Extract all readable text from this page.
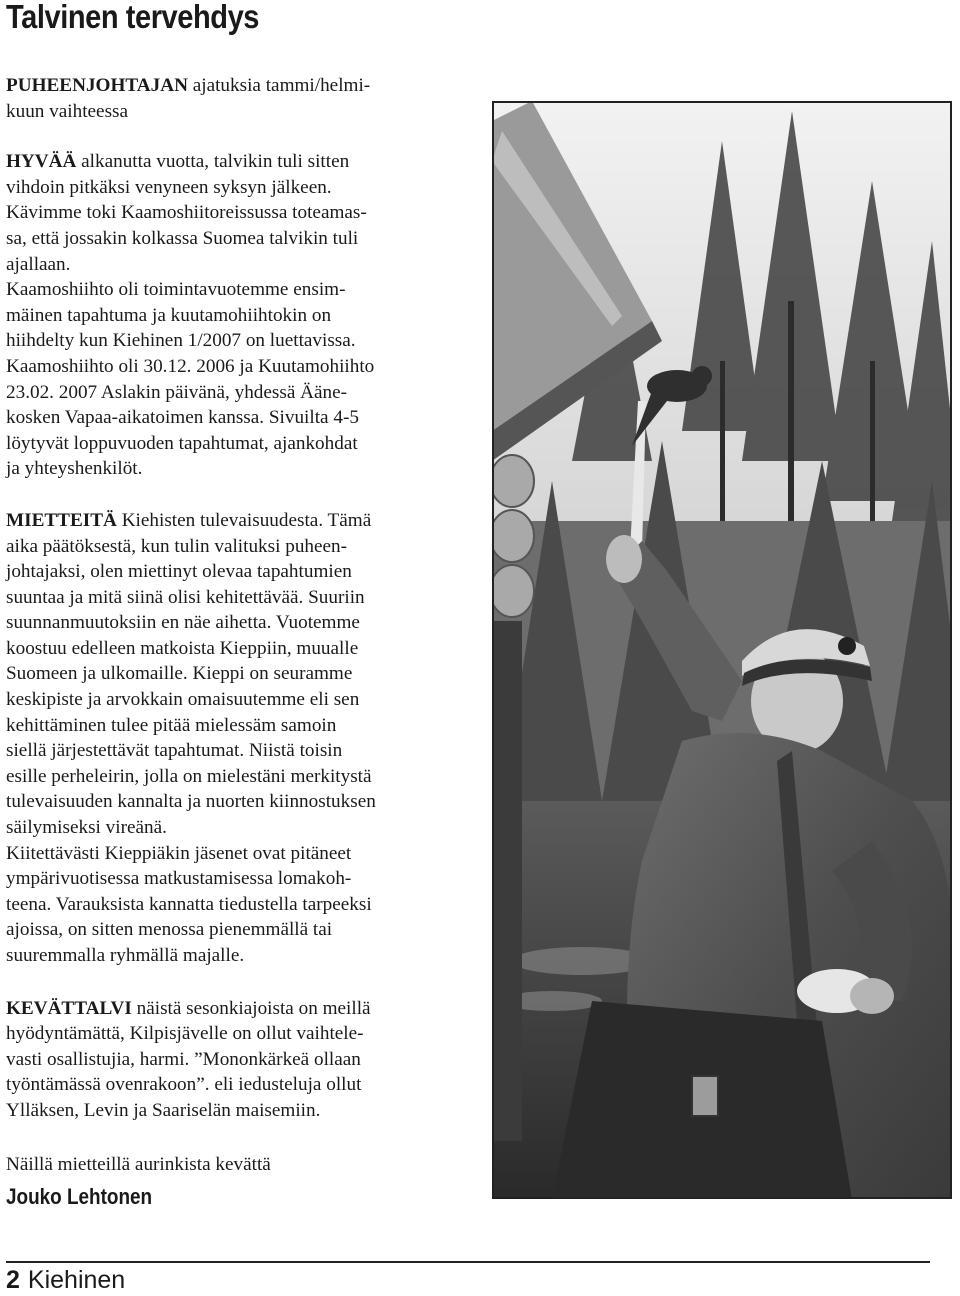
Talvinen tervehdys

PUHEENJOHTAJAN ajatuksia tammi/helmi-
kuun vaihteessa

HYVÄÄ alkanutta vuotta, talvikin tuli sitten
vihdoin pitkäksi venyneen syksyn jälkeen.
Kävimme toki Kaamoshiitoreissussa toteamas-
sa, että jossakin kolkassa Suomea talvikin tuli
ajallaan.
Kaamoshiihto oli toimintavuotemme ensim-
mäinen tapahtuma ja kuutamohiihtokin on
hiihdelty kun Kiehinen 1/2007 on luettavissa.
Kaamoshiihto oli 30.12. 2006 ja Kuutamohiihto
23.02. 2007 Aslakin päivänä, yhdessä Ääne-
kosken Vapaa-aikatoimen kanssa. Sivuilta 4-5
löytyvät loppuvuoden tapahtumat, ajankohdat
ja yhteyshenkilöt.

MIETTEITÄ Kiehisten tulevaisuudesta. Tämä
aika päätöksestä, kun tulin valituksi puheen-
johtajaksi, olen miettinyt olevaa tapahtumien
suuntaa ja mitä siinä olisi kehitettävää. Suuriin
suunnanmuutoksiin en näe aihetta. Vuotemme
koostuu edelleen matkoista Kieppiin, muualle
Suomeen ja ulkomaille. Kieppi on seuramme
keskipiste ja arvokkain omaisuutemme eli sen
kehittäminen tulee pitää mielessäm samoin
siellä järjestettävät tapahtumat. Niistä toisin
esille perheleirin, jolla on mielestäni merkitystä
tulevaisuuden kannalta ja nuorten kiinnostuksen
säilymiseksi vireänä.
Kiitettävästi Kieppiäkin jäsenet ovat pitäneet
ympärivuotisessa matkustamisessa lomakoh-
teena. Varauksista kannatta tiedustella tarpeeksi
ajoissa, on sitten menossa pienemmällä tai
suuremmalla ryhmällä majalle.

KEVÄTTALVI näistä sesonkiajoista on meillä
hyödyntämättä, Kilpisjävelle on ollut vaihtele-
vasti osallistujia, harmi. ”Mononkärkeä ollaan
työntämässä ovenrakoon”. eli iedusteluja ollut
Ylläksen, Levin ja Saariselän maisemiin.

Näillä mietteillä aurinkista kevättä

Jouko Lehtonen
2 Kiehinen
